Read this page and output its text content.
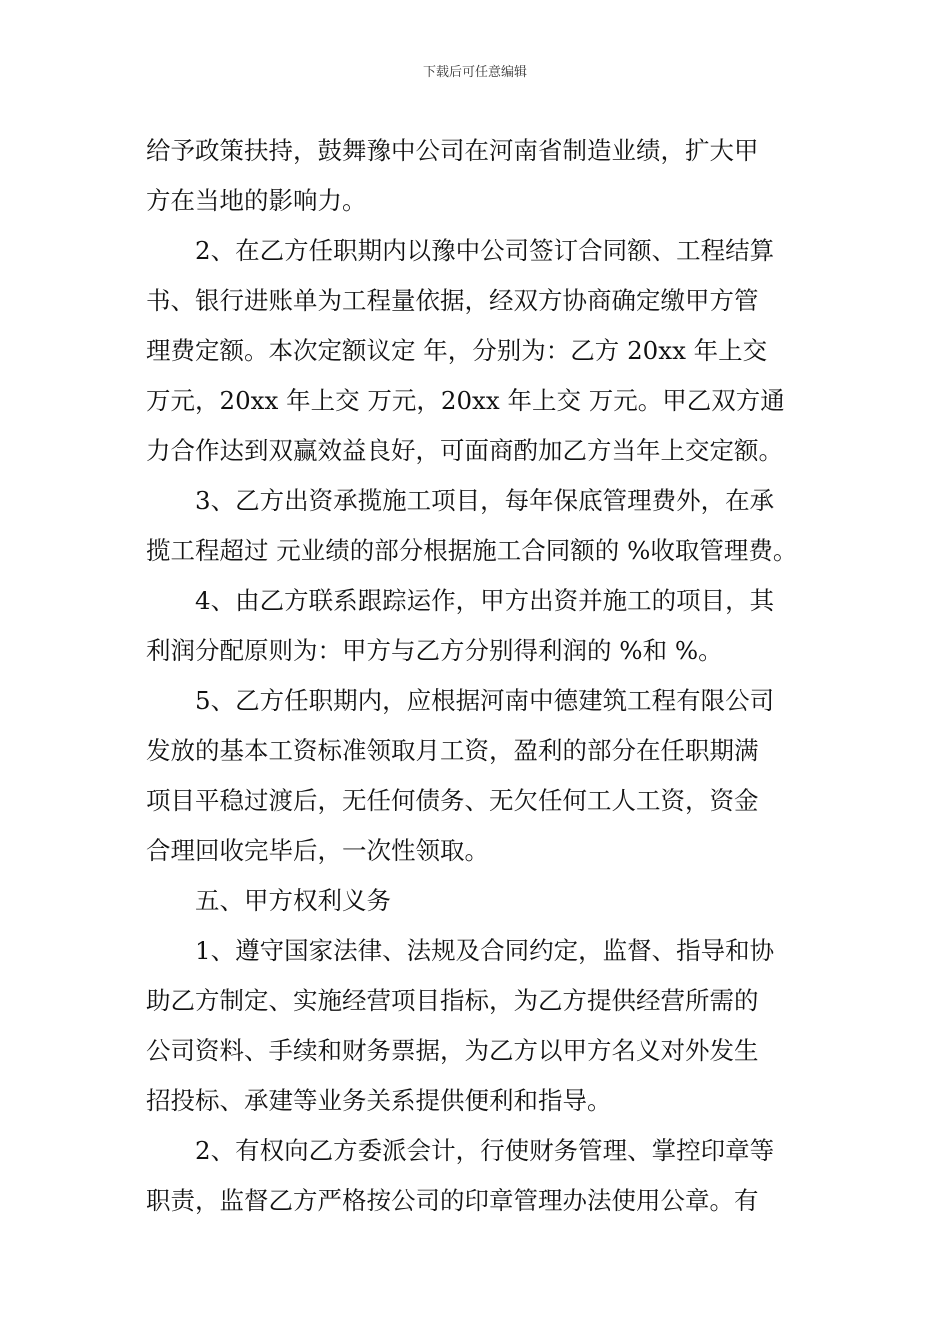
下载后可任意编辑
给予政策扶持，鼓舞豫中公司在河南省制造业绩，扩大甲
方在当地的影响力。
2、在乙方任职期内以豫中公司签订合同额、工程结算
书、银行进账单为工程量依据，经双方协商确定缴甲方管
理费定额。本次定额议定 年，分别为：乙方 20xx 年上交
万元，20xx 年上交 万元，20xx 年上交 万元。甲乙双方通
力合作达到双赢效益良好，可面商酌加乙方当年上交定额。
3、乙方出资承揽施工项目，每年保底管理费外，在承
揽工程超过 元业绩的部分根据施工合同额的 %收取管理费。
4、由乙方联系跟踪运作，甲方出资并施工的项目，其
利润分配原则为：甲方与乙方分别得利润的 %和 %。
5、乙方任职期内，应根据河南中德建筑工程有限公司
发放的基本工资标准领取月工资，盈利的部分在任职期满
项目平稳过渡后，无任何债务、无欠任何工人工资，资金
合理回收完毕后，一次性领取。
五、甲方权利义务
1、遵守国家法律、法规及合同约定，监督、指导和协
助乙方制定、实施经营项目指标，为乙方提供经营所需的
公司资料、手续和财务票据，为乙方以甲方名义对外发生
招投标、承建等业务关系提供便利和指导。
2、有权向乙方委派会计，行使财务管理、掌控印章等
职责，监督乙方严格按公司的印章管理办法使用公章。有
